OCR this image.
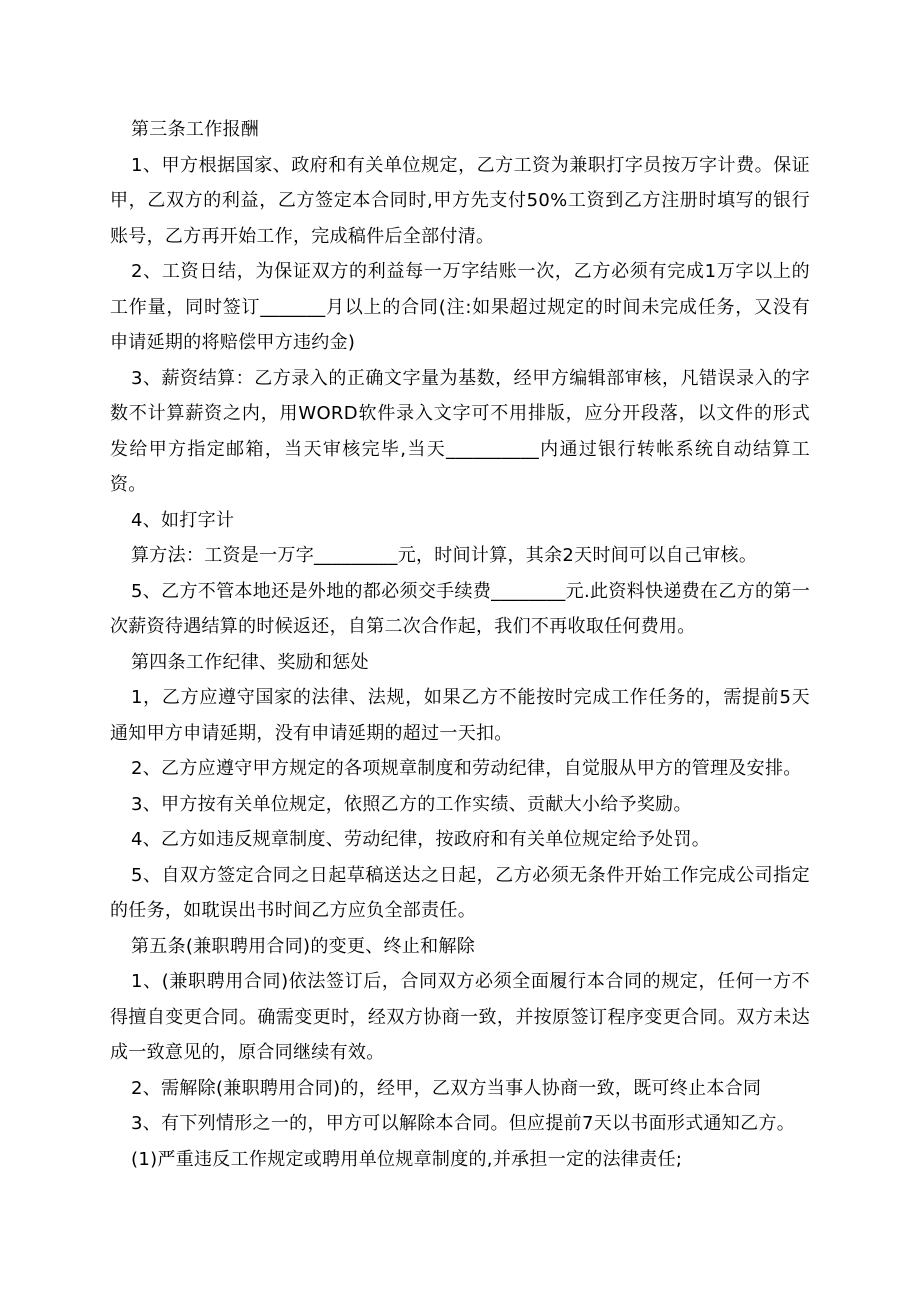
第三条工作报酬

1、甲方根据国家、政府和有关单位规定，乙方工资为兼职打字员按万字计费。保证甲，乙双方的利益，乙方签定本合同时,甲方先支付50%工资到乙方注册时填写的银行账号，乙方再开始工作，完成稿件后全部付清。

2、工资日结，为保证双方的利益每一万字结账一次，乙方必须有完成1万字以上的工作量，同时签订_______月以上的合同(注:如果超过规定的时间未完成任务，又没有申请延期的将赔偿甲方违约金)

3、薪资结算：乙方录入的正确文字量为基数，经甲方编辑部审核，凡错误录入的字数不计算薪资之内，用WORD软件录入文字可不用排版，应分开段落，以文件的形式发给甲方指定邮箱，当天审核完毕,当天__________内通过银行转帐系统自动结算工资。

4、如打字计

算方法：工资是一万字_________元，时间计算，其余2天时间可以自己审核。

5、乙方不管本地还是外地的都必须交手续费________元.此资料快递费在乙方的第一次薪资待遇结算的时候返还，自第二次合作起，我们不再收取任何费用。

第四条工作纪律、奖励和惩处

1，乙方应遵守国家的法律、法规，如果乙方不能按时完成工作任务的，需提前5天通知甲方申请延期，没有申请延期的超过一天扣。

2、乙方应遵守甲方规定的各项规章制度和劳动纪律，自觉服从甲方的管理及安排。

3、甲方按有关单位规定，依照乙方的工作实绩、贡献大小给予奖励。

4、乙方如违反规章制度、劳动纪律，按政府和有关单位规定给予处罚。

5、自双方签定合同之日起草稿送达之日起，乙方必须无条件开始工作完成公司指定的任务，如耽误出书时间乙方应负全部责任。

第五条(兼职聘用合同)的变更、终止和解除

1、(兼职聘用合同)依法签订后，合同双方必须全面履行本合同的规定，任何一方不得擅自变更合同。确需变更时，经双方协商一致，并按原签订程序变更合同。双方未达成一致意见的，原合同继续有效。

2、需解除(兼职聘用合同)的，经甲，乙双方当事人协商一致，既可终止本合同

3、有下列情形之一的，甲方可以解除本合同。但应提前7天以书面形式通知乙方。

(1)严重违反工作规定或聘用单位规章制度的,并承担一定的法律责任;
